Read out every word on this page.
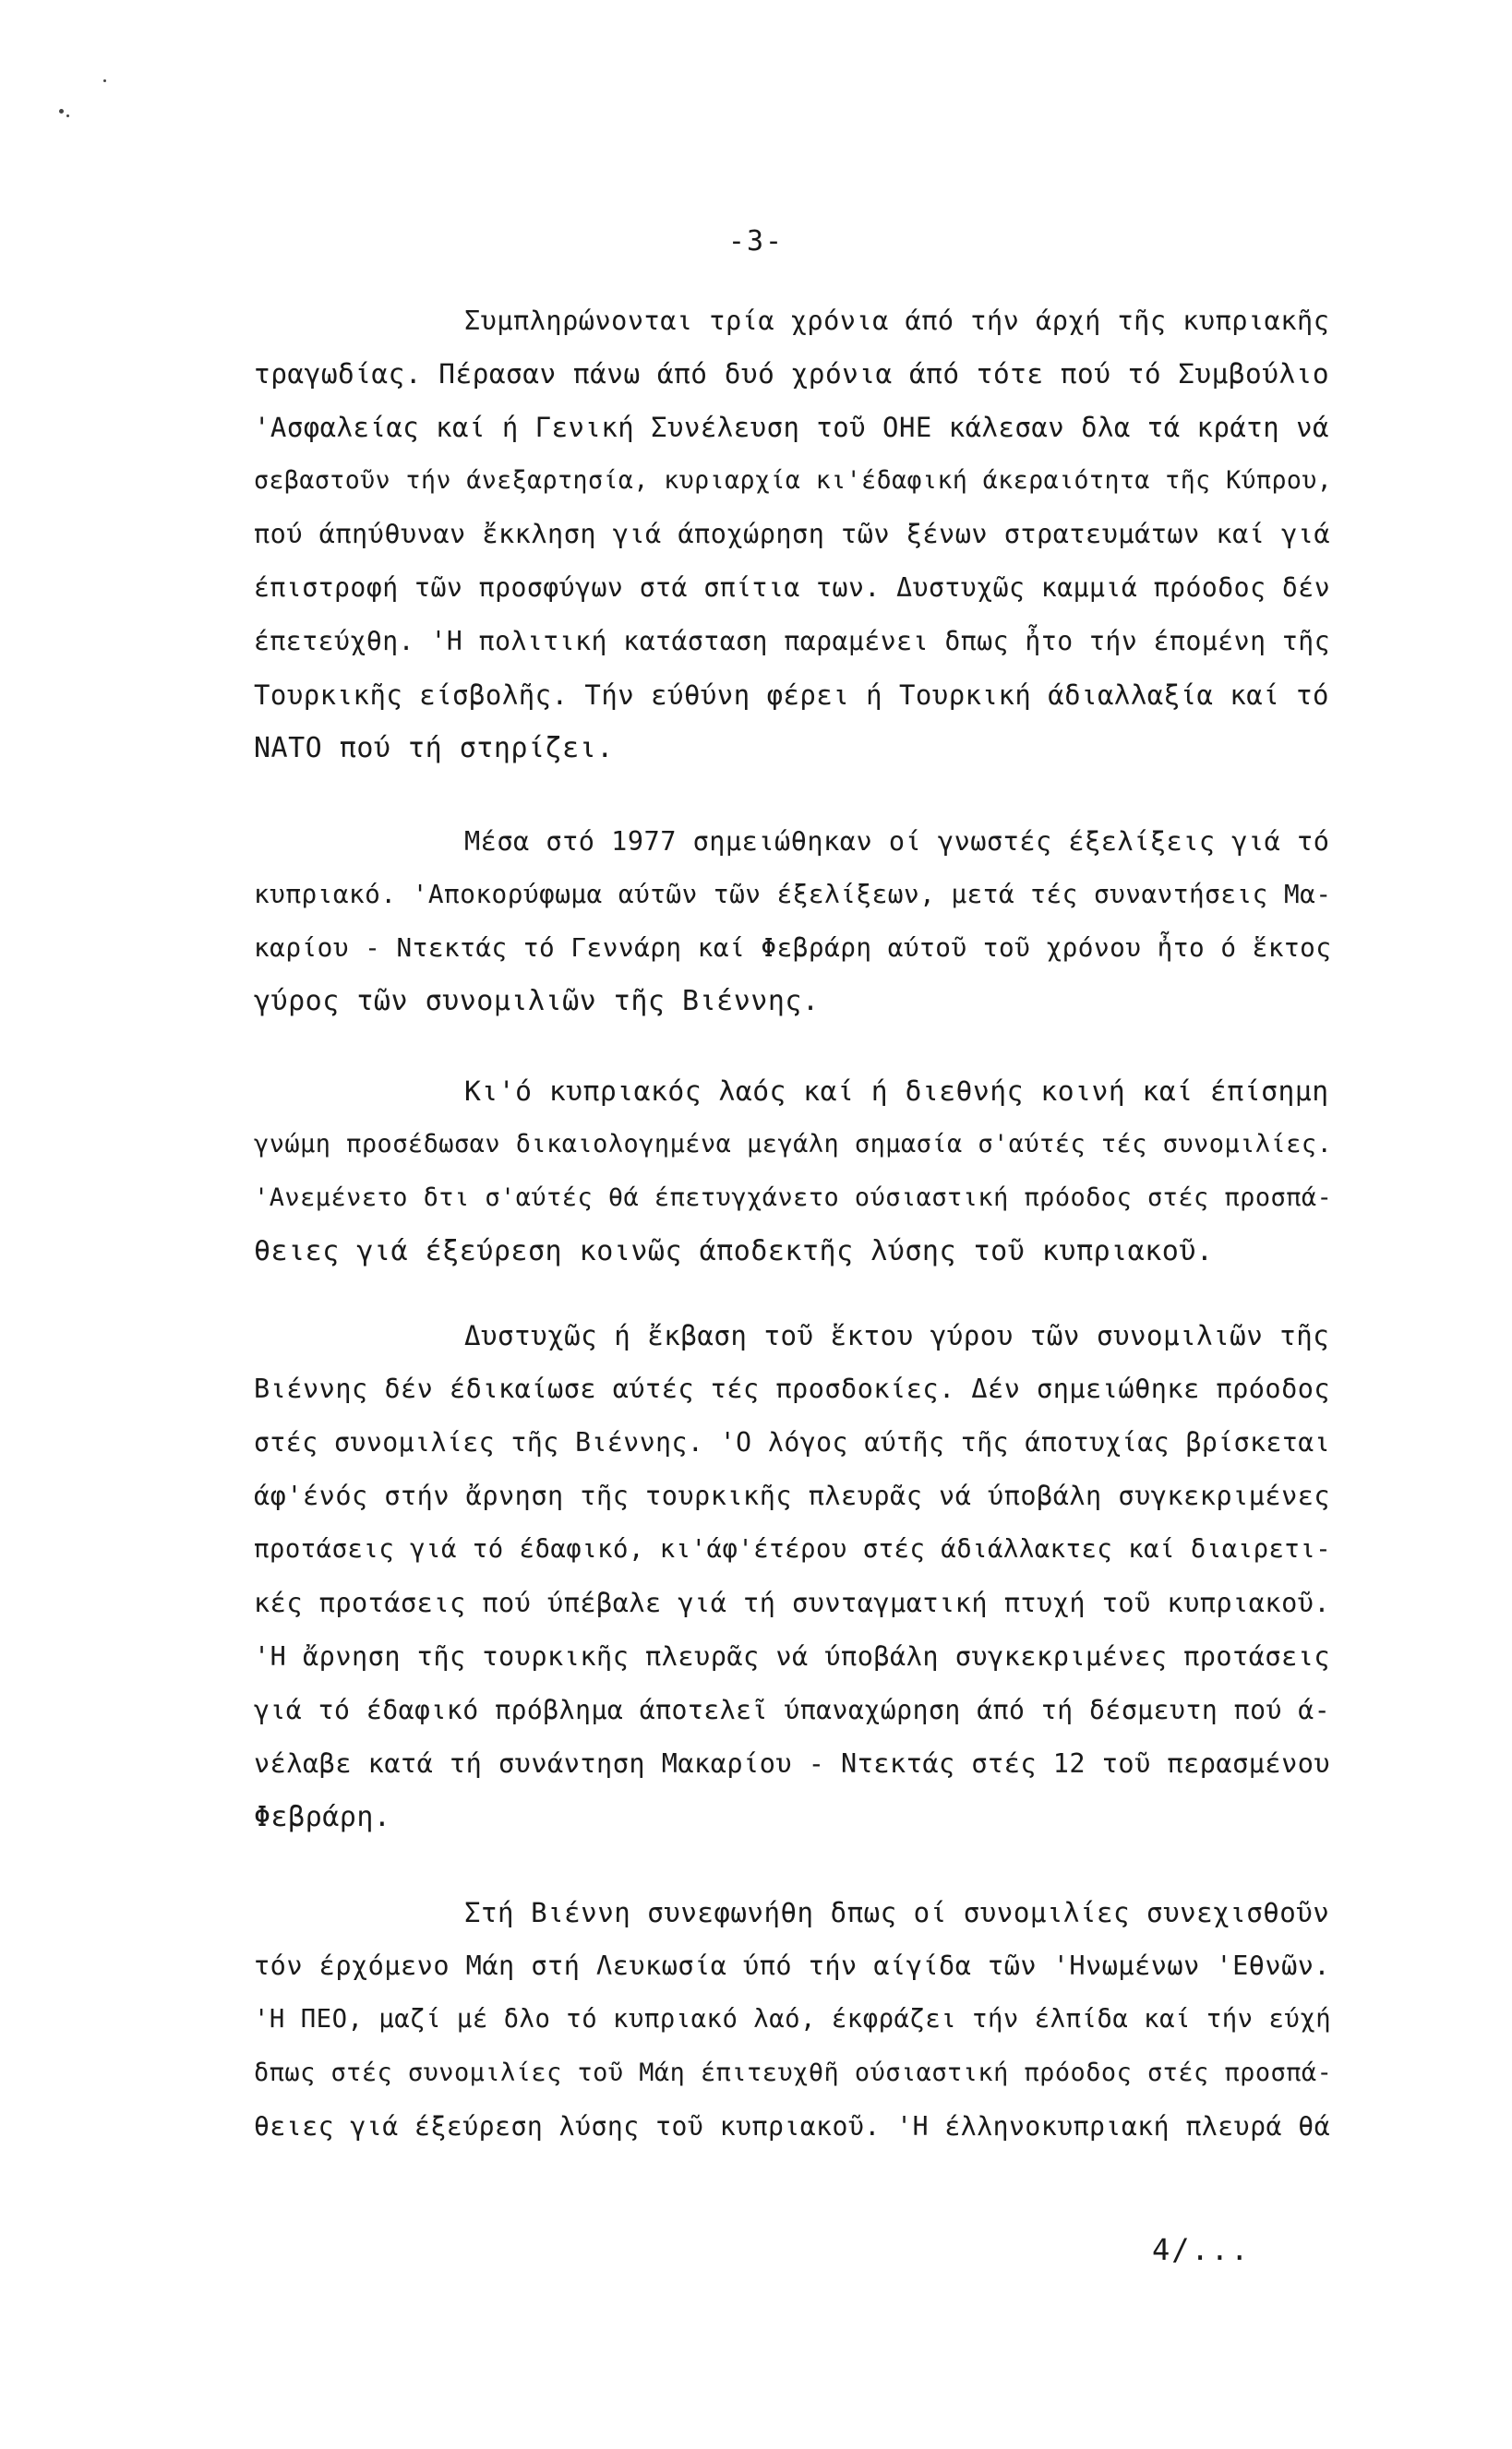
-3-
Συμπληρώνονται τρία χρόνια άπό τήν άρχή τῆς κυπριακῆς
τραγωδίας. Πέρασαν πάνω άπό δυό χρόνια άπό τότε πού τό Συμβούλιο
'Ασφαλείας καί ή Γενική Συνέλευση τοῦ ΟΗΕ κάλεσαν δλα τά κράτη νά
σεβαστοῦν τήν άνεξαρτησία, κυριαρχία κι'έδαφική άκεραιότητα τῆς Κύπρου,
πού άπηύθυναν ἔκκληση γιά άποχώρηση τῶν ξένων στρατευμάτων καί γιά
έπιστροφή τῶν προσφύγων στά σπίτια των. Δυστυχῶς καμμιά πρόοδος δέν
έπετεύχθη. 'Η πολιτική κατάσταση παραμένει δπως ἦτο τήν έπομένη τῆς
Τουρκικῆς είσβολῆς. Τήν εύθύνη φέρει ή Τουρκική άδιαλλαξία καί τό
ΝΑΤΟ πού τή στηρίζει.
Μέσα στό 1977 σημειώθηκαν οί γνωστές έξελίξεις γιά τό
κυπριακό. 'Αποκορύφωμα αύτῶν τῶν έξελίξεων, μετά τές συναντήσεις Μα-
καρίου - Ντεκτάς τό Γεννάρη καί Φεβράρη αύτοῦ τοῦ χρόνου ἦτο ό ἕκτος
γύρος τῶν συνομιλιῶν τῆς Βιέννης.
Κι'ό κυπριακός λαός καί ή διεθνής κοινή καί έπίσημη
γνώμη προσέδωσαν δικαιολογημένα μεγάλη σημασία σ'αύτές τές συνομιλίες.
'Ανεμένετο δτι σ'αύτές θά έπετυγχάνετο ούσιαστική πρόοδος στές προσπά-
θειες γιά έξεύρεση κοινῶς άποδεκτῆς λύσης τοῦ κυπριακοῦ.
Δυστυχῶς ή ἔκβαση τοῦ ἕκτου γύρου τῶν συνομιλιῶν τῆς
Βιέννης δέν έδικαίωσε αύτές τές προσδοκίες. Δέν σημειώθηκε πρόοδος
στές συνομιλίες τῆς Βιέννης. 'Ο λόγος αύτῆς τῆς άποτυχίας βρίσκεται
άφ'ένός στήν ἄρνηση τῆς τουρκικῆς πλευρᾶς νά ύποβάλη συγκεκριμένες
προτάσεις γιά τό έδαφικό, κι'άφ'έτέρου στές άδιάλλακτες καί διαιρετι-
κές προτάσεις πού ύπέβαλε γιά τή συνταγματική πτυχή τοῦ κυπριακοῦ.
'Η ἄρνηση τῆς τουρκικῆς πλευρᾶς νά ύποβάλη συγκεκριμένες προτάσεις
γιά τό έδαφικό πρόβλημα άποτελεῖ ύπαναχώρηση άπό τή δέσμευτη πού ά-
νέλαβε κατά τή συνάντηση Μακαρίου - Ντεκτάς στές 12 τοῦ περασμένου
Φεβράρη.
Στή Βιέννη συνεφωνήθη δπως οί συνομιλίες συνεχισθοῦν
τόν έρχόμενο Μάη στή Λευκωσία ύπό τήν αίγίδα τῶν 'Ηνωμένων 'Εθνῶν.
'Η ΠΕΟ, μαζί μέ δλο τό κυπριακό λαό, έκφράζει τήν έλπίδα καί τήν εύχή
δπως στές συνομιλίες τοῦ Μάη έπιτευχθῆ ούσιαστική πρόοδος στές προσπά-
θειες γιά έξεύρεση λύσης τοῦ κυπριακοῦ. 'Η έλληνοκυπριακή πλευρά θά
4/...
